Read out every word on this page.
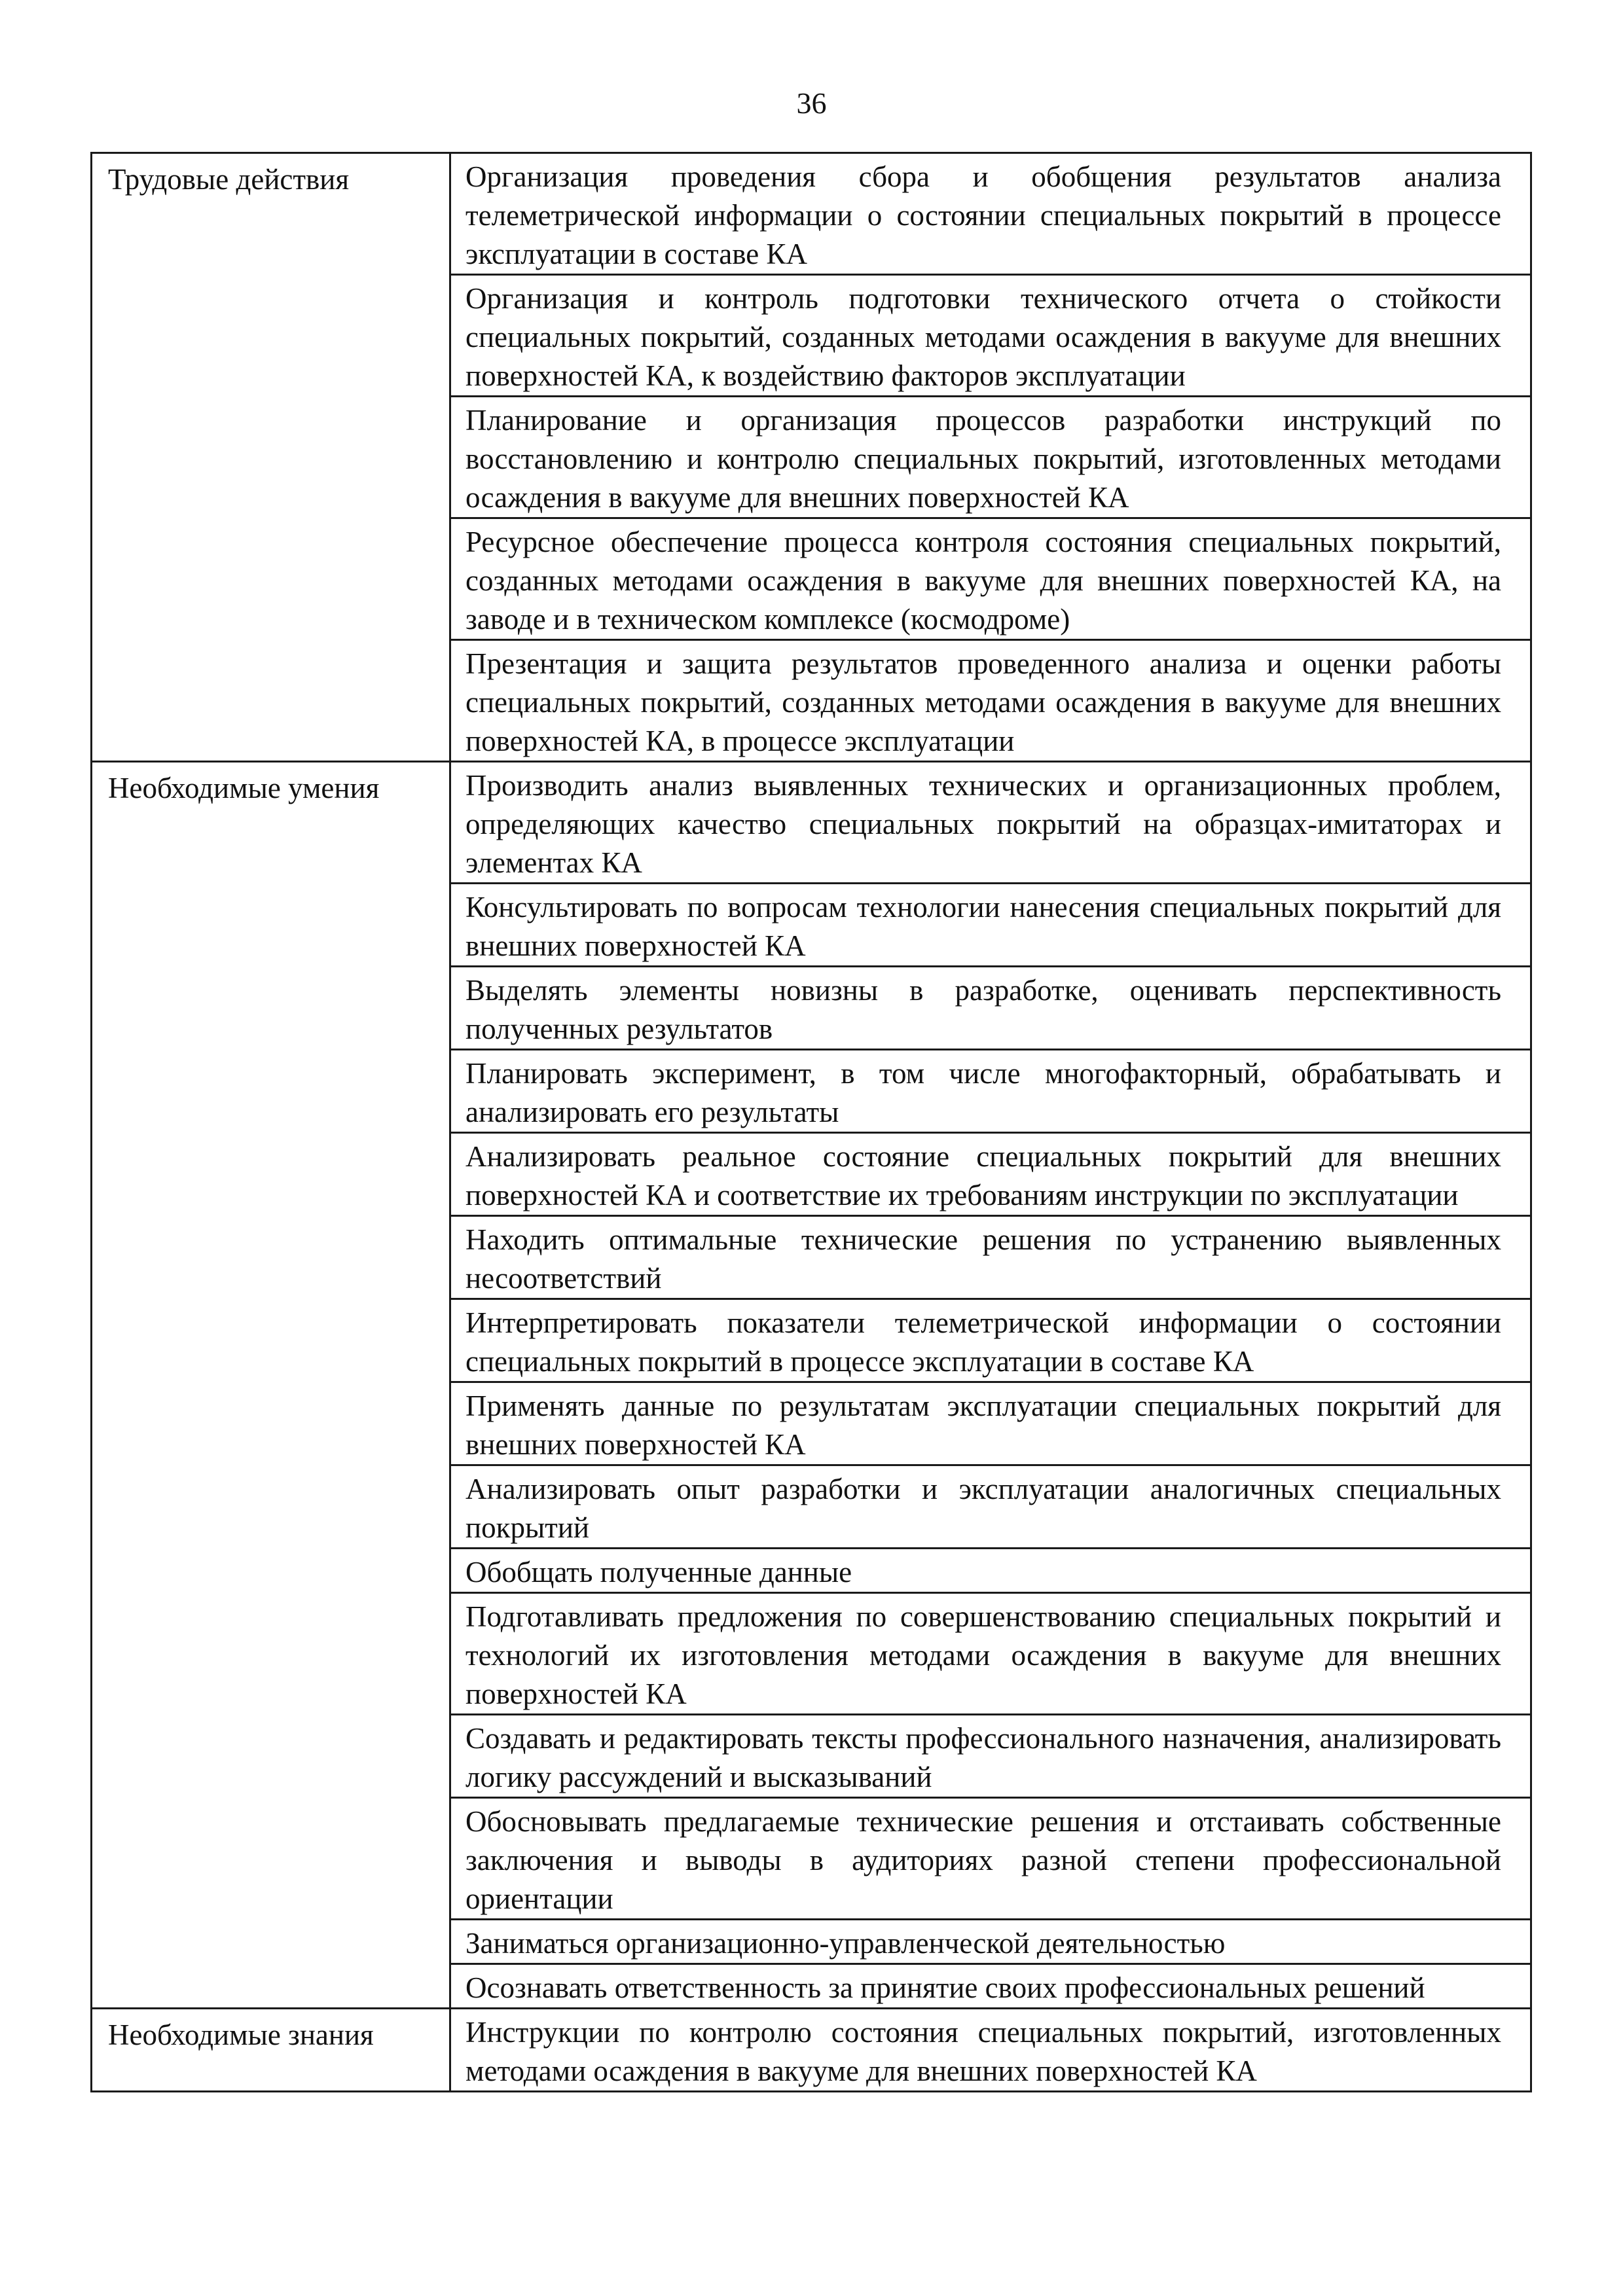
36
Трудовые действия	Организация проведения сбора и обобщения результатов анализа телеметрической информации о состоянии специальных покрытий в процессе эксплуатации в составе КА
	Организация и контроль подготовки технического отчета о стойкости специальных покрытий, созданных методами осаждения в вакууме для внешних поверхностей КА, к воздействию факторов эксплуатации
	Планирование и организация процессов разработки инструкций по восстановлению и контролю специальных покрытий, изготовленных методами осаждения в вакууме для внешних поверхностей КА
	Ресурсное обеспечение процесса контроля состояния специальных покрытий, созданных методами осаждения в вакууме для внешних поверхностей КА, на заводе и в техническом комплексе (космодроме)
	Презентация и защита результатов проведенного анализа и оценки работы специальных покрытий, созданных методами осаждения в вакууме для внешних поверхностей КА, в процессе эксплуатации
Необходимые умения	Производить анализ выявленных технических и организационных проблем, определяющих качество специальных покрытий на образцах-имитаторах и элементах КА
	Консультировать по вопросам технологии нанесения специальных покрытий для внешних поверхностей КА
	Выделять элементы новизны в разработке, оценивать перспективность полученных результатов
	Планировать эксперимент, в том числе многофакторный, обрабатывать и анализировать его результаты
	Анализировать реальное состояние специальных покрытий для внешних поверхностей КА и соответствие их требованиям инструкции по эксплуатации
	Находить оптимальные технические решения по устранению выявленных несоответствий
	Интерпретировать показатели телеметрической информации о состоянии специальных покрытий в процессе эксплуатации в составе КА
	Применять данные по результатам эксплуатации специальных покрытий для внешних поверхностей КА
	Анализировать опыт разработки и эксплуатации аналогичных специальных покрытий
	Обобщать полученные данные
	Подготавливать предложения по совершенствованию специальных покрытий и технологий их изготовления методами осаждения в вакууме для внешних поверхностей КА
	Создавать и редактировать тексты профессионального назначения, анализировать логику рассуждений и высказываний
	Обосновывать предлагаемые технические решения и отстаивать собственные заключения и выводы в аудиториях разной степени профессиональной ориентации
	Заниматься организационно-управленческой деятельностью
	Осознавать ответственность за принятие своих профессиональных решений
Необходимые знания	Инструкции по контролю состояния специальных покрытий, изготовленных методами осаждения в вакууме для внешних поверхностей КА
